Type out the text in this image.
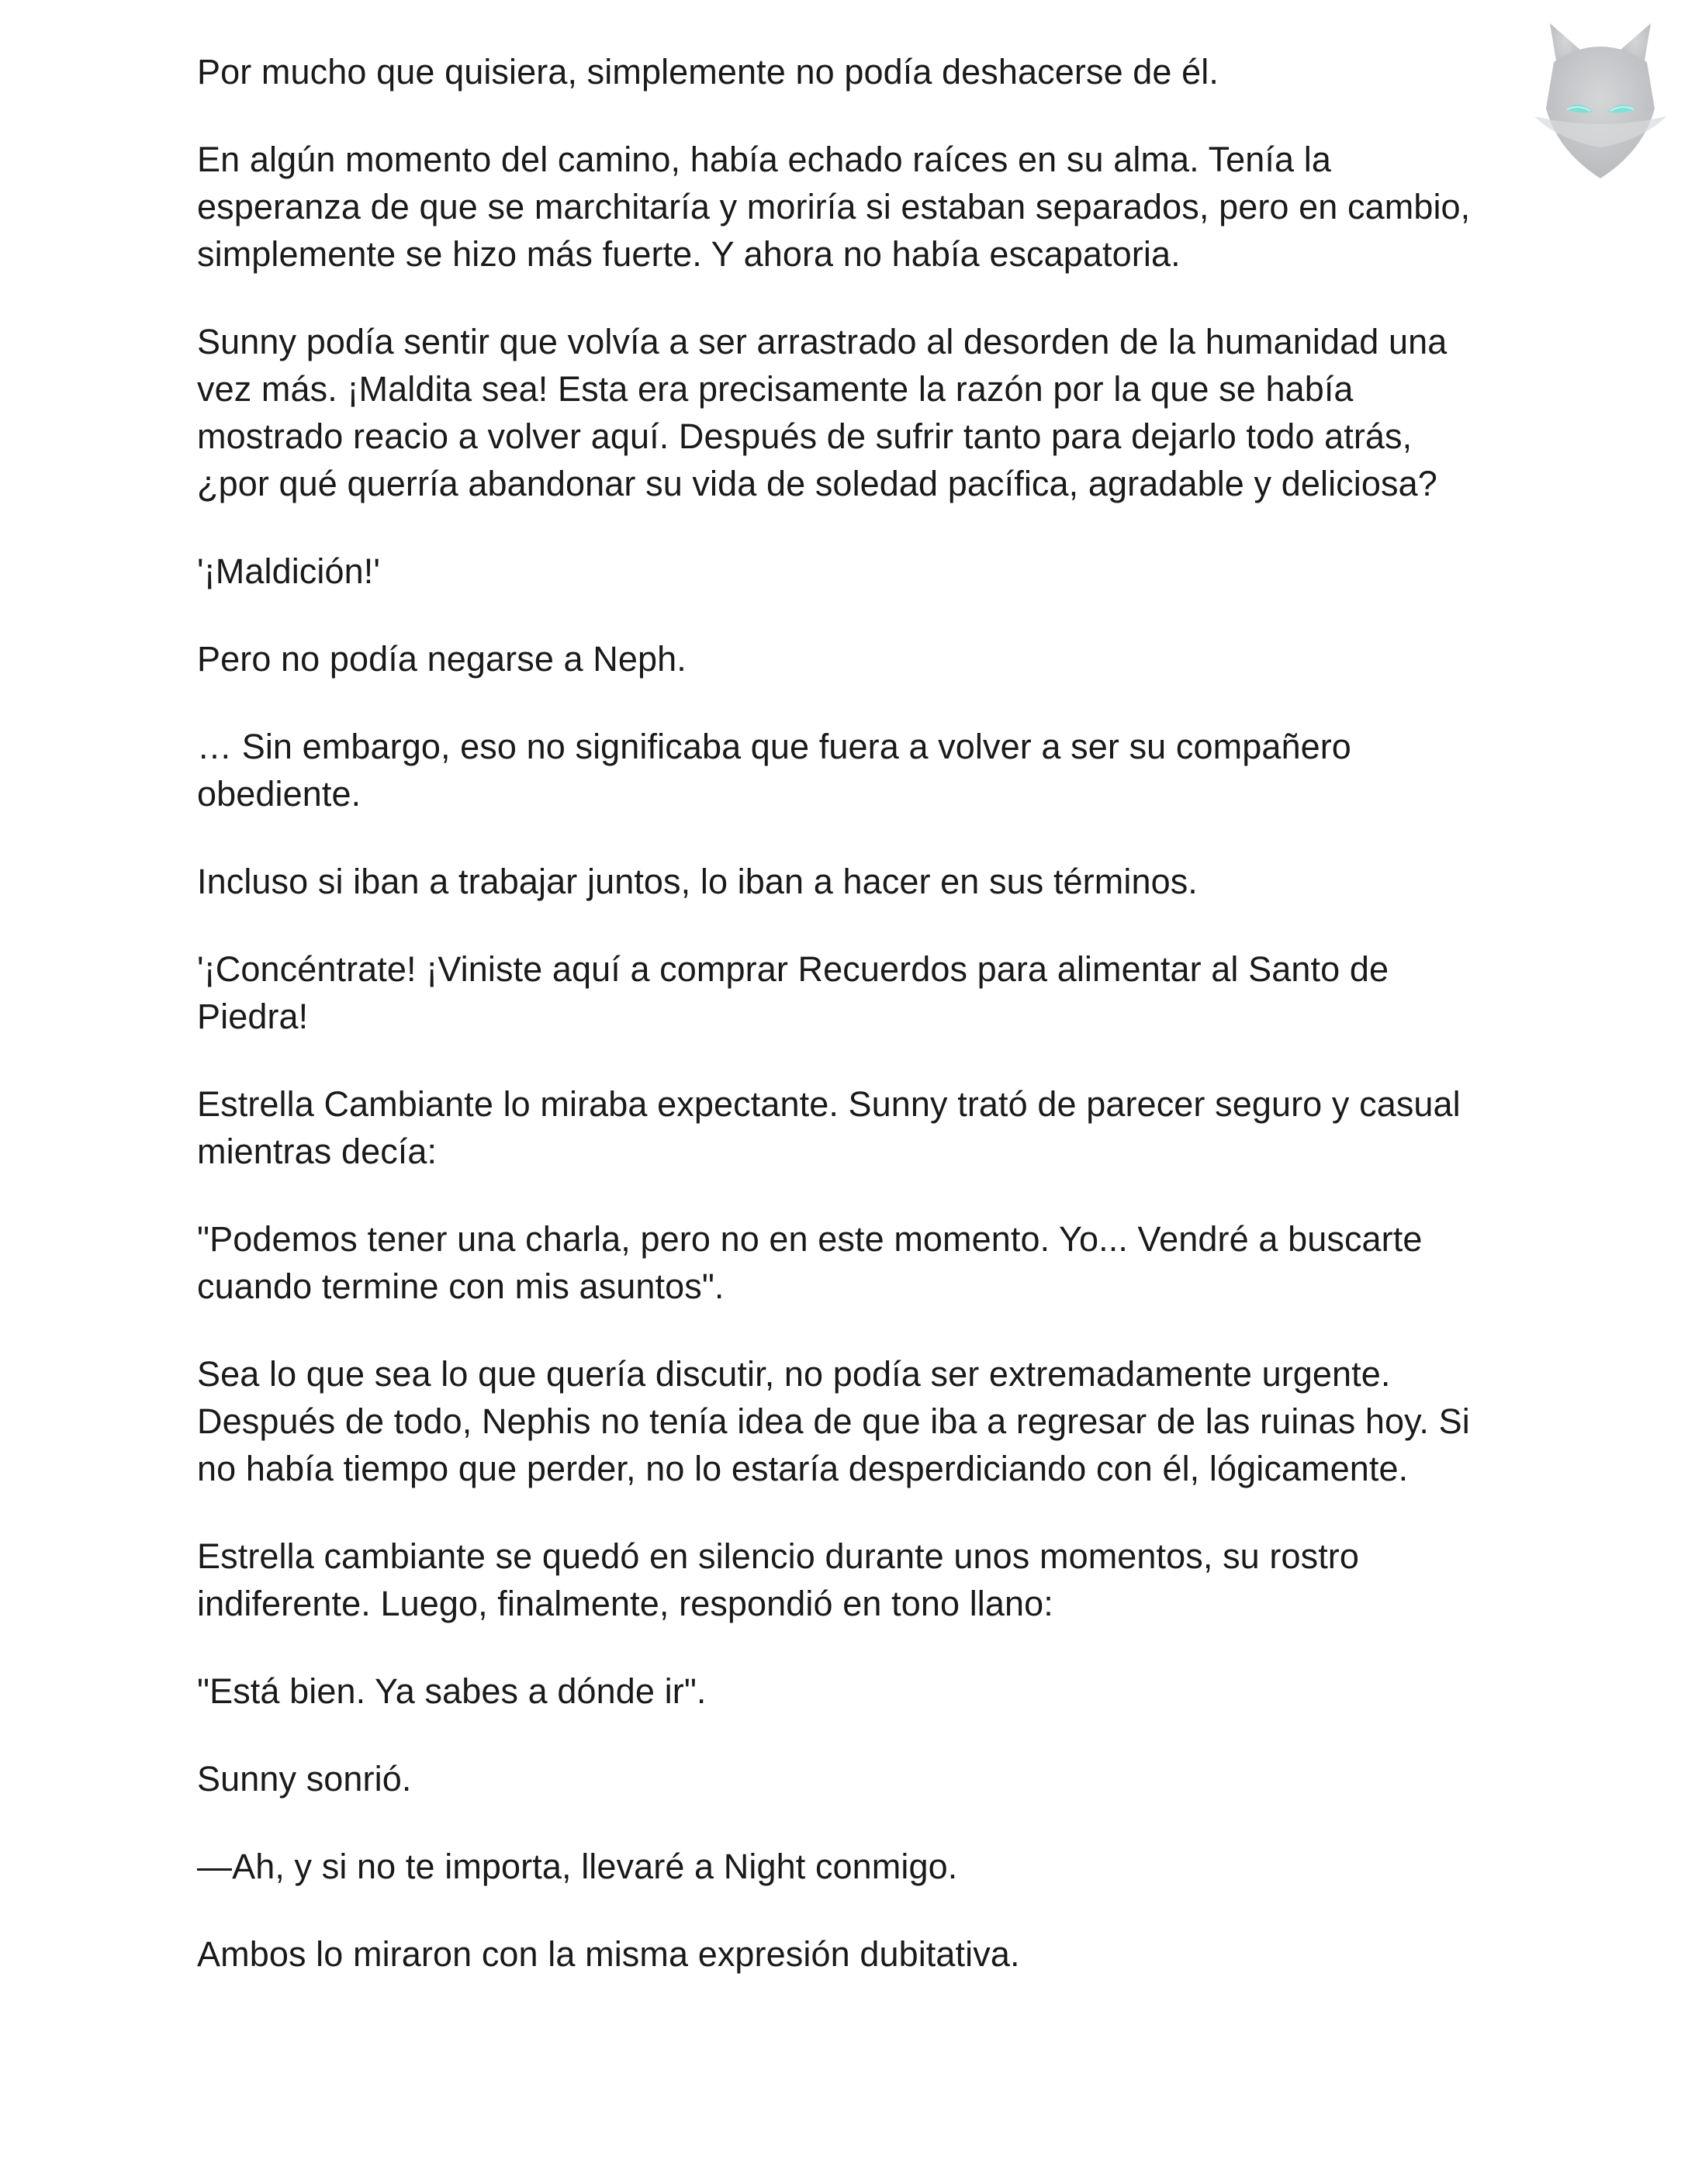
Por mucho que quisiera, simplemente no podía deshacerse de él.

En algún momento del camino, había echado raíces en su alma. Tenía la esperanza de que se marchitaría y moriría si estaban separados, pero en cambio, simplemente se hizo más fuerte. Y ahora no había escapatoria.

Sunny podía sentir que volvía a ser arrastrado al desorden de la humanidad una vez más. ¡Maldita sea! Esta era precisamente la razón por la que se había mostrado reacio a volver aquí. Después de sufrir tanto para dejarlo todo atrás, ¿por qué querría abandonar su vida de soledad pacífica, agradable y deliciosa?

'¡Maldición!'

Pero no podía negarse a Neph.

… Sin embargo, eso no significaba que fuera a volver a ser su compañero obediente.

Incluso si iban a trabajar juntos, lo iban a hacer en sus términos.

'¡Concéntrate! ¡Viniste aquí a comprar Recuerdos para alimentar al Santo de Piedra!

Estrella Cambiante lo miraba expectante. Sunny trató de parecer seguro y casual mientras decía:

"Podemos tener una charla, pero no en este momento. Yo... Vendré a buscarte cuando termine con mis asuntos".

Sea lo que sea lo que quería discutir, no podía ser extremadamente urgente. Después de todo, Nephis no tenía idea de que iba a regresar de las ruinas hoy. Si no había tiempo que perder, no lo estaría desperdiciando con él, lógicamente.

Estrella cambiante se quedó en silencio durante unos momentos, su rostro indiferente. Luego, finalmente, respondió en tono llano:

"Está bien. Ya sabes a dónde ir".

Sunny sonrió.

—Ah, y si no te importa, llevaré a Night conmigo.

Ambos lo miraron con la misma expresión dubitativa.
